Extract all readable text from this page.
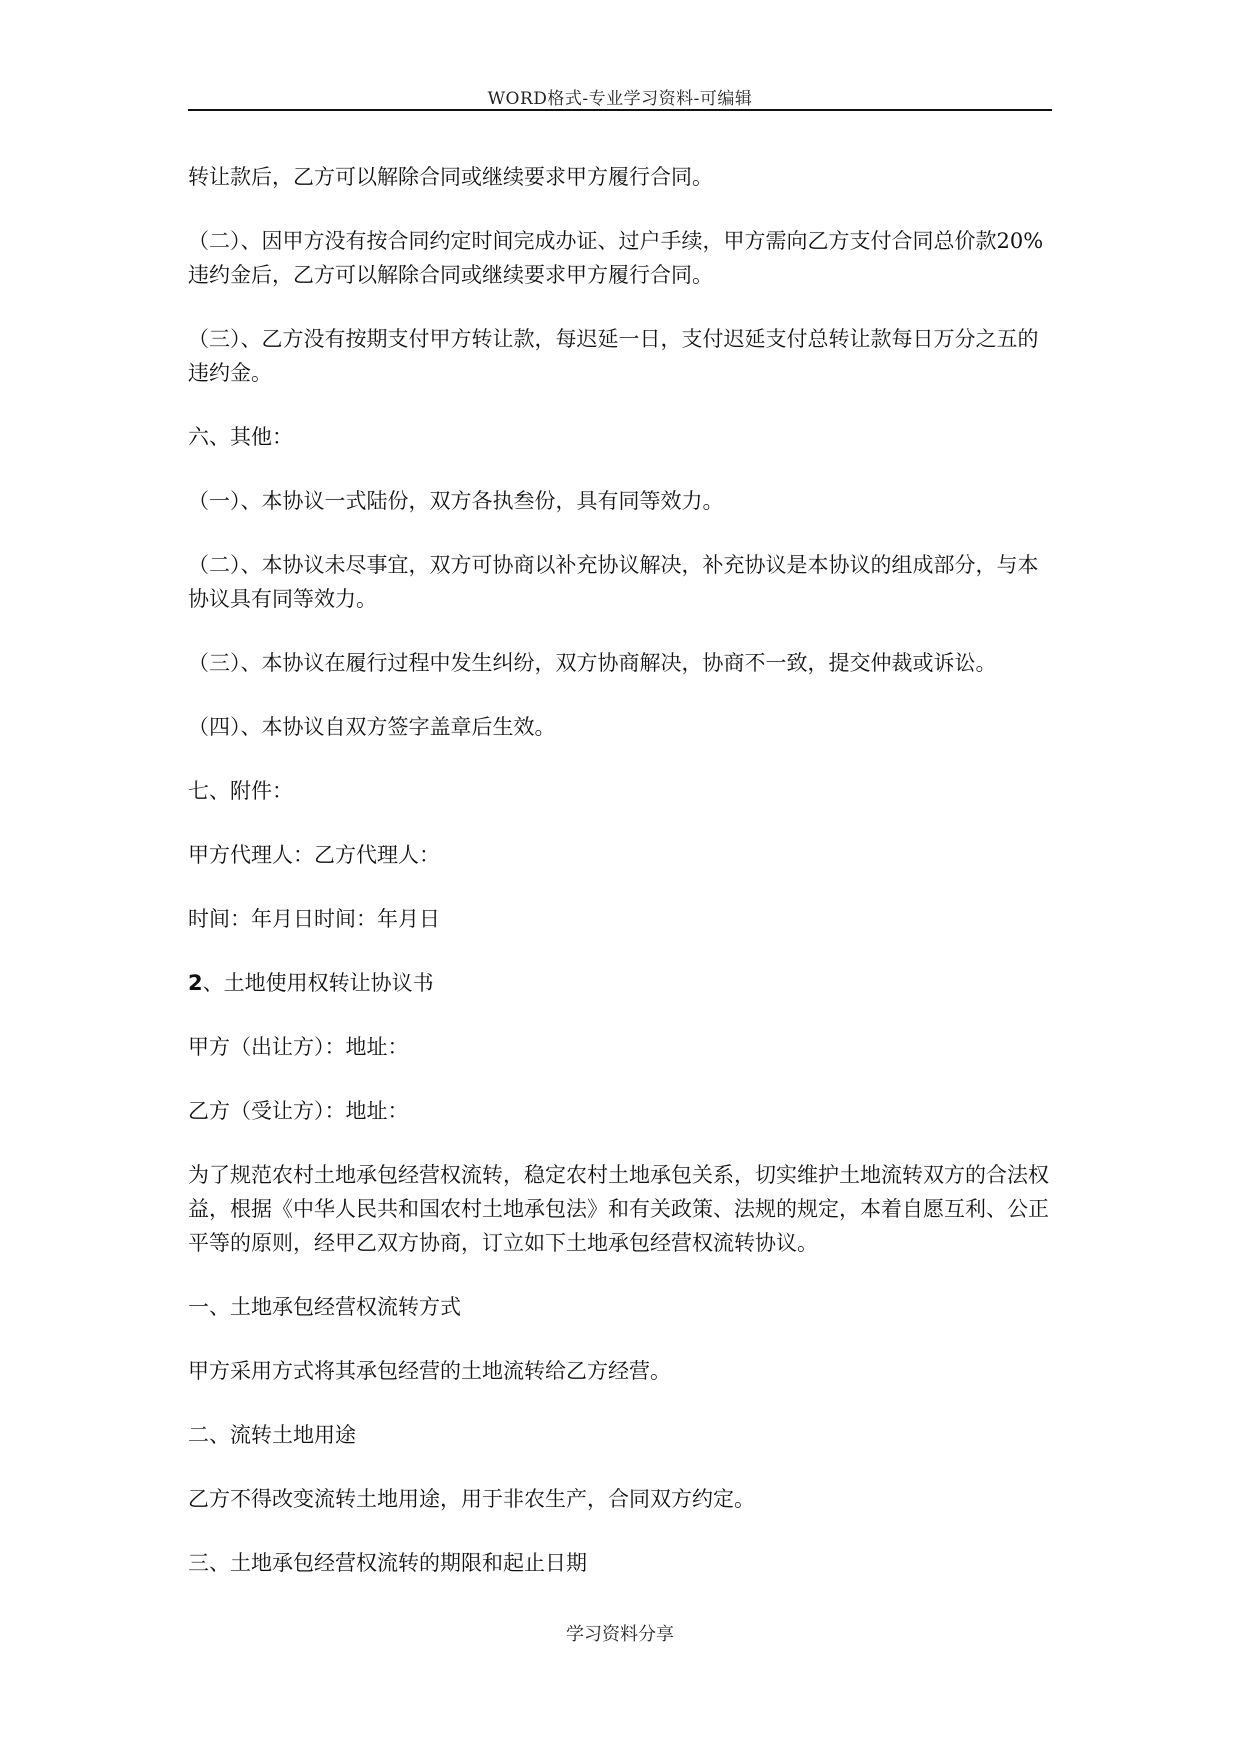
WORD格式-专业学习资料-可编辑

转让款后，乙方可以解除合同或继续要求甲方履行合同。

（二）、因甲方没有按合同约定时间完成办证、过户手续，甲方需向乙方支付合同总价款20%违约金后，乙方可以解除合同或继续要求甲方履行合同。

（三）、乙方没有按期支付甲方转让款，每迟延一日，支付迟延支付总转让款每日万分之五的违约金。

六、其他：

（一）、本协议一式陆份，双方各执叁份，具有同等效力。

（二）、本协议未尽事宜，双方可协商以补充协议解决，补充协议是本协议的组成部分，与本协议具有同等效力。

（三）、本协议在履行过程中发生纠纷，双方协商解决，协商不一致，提交仲裁或诉讼。

（四）、本协议自双方签字盖章后生效。

七、附件：

甲方代理人：乙方代理人：

时间：年月日时间：年月日

2、土地使用权转让协议书

甲方（出让方）：地址：

乙方（受让方）：地址：

为了规范农村土地承包经营权流转，稳定农村土地承包关系，切实维护土地流转双方的合法权益，根据《中华人民共和国农村土地承包法》和有关政策、法规的规定，本着自愿互利、公正平等的原则，经甲乙双方协商，订立如下土地承包经营权流转协议。

一、土地承包经营权流转方式

甲方采用方式将其承包经营的土地流转给乙方经营。

二、流转土地用途

乙方不得改变流转土地用途，用于非农生产，合同双方约定。

三、土地承包经营权流转的期限和起止日期

学习资料分享
